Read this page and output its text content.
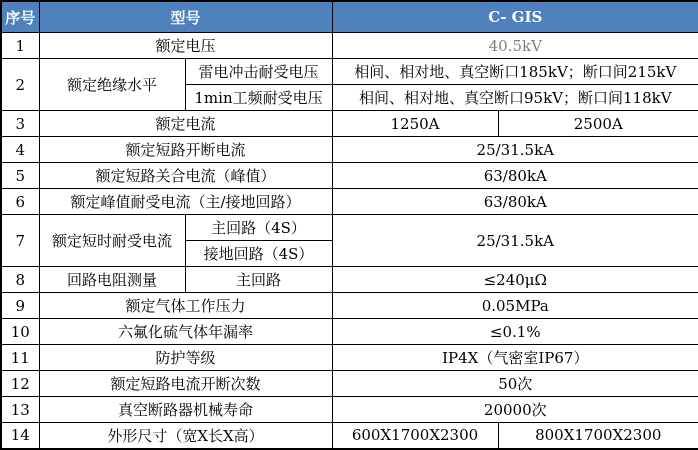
序号	型号		C- GIS	
1	额定电压		40.5kV	
2	额定绝缘水平	雷电冲击耐受电压	相间、相对地、真空断口185kV；断口间215kV	
		1min工频耐受电压	相间、相对地、真空断口95kV；断口间118kV	
3	额定电流		1250A	2500A
4	额定短路开断电流		25/31.5kA	
5	额定短路关合电流（峰值）		63/80kA	
6	额定峰值耐受电流（主/接地回路）		63/80kA	
7	额定短时耐受电流	主回路（4S）	25/31.5kA	
		接地回路（4S）		
8	回路电阻测量	主回路	≤240μΩ	
9	额定气体工作压力		0.05MPa	
10	六氟化硫气体年漏率		≤0.1%	
11	防护等级		IP4X（气密室IP67）	
12	额定短路电流开断次数		50次	
13	真空断路器机械寿命		20000次	
14	外形尺寸（宽X长X高）		600X1700X2300	800X1700X2300
